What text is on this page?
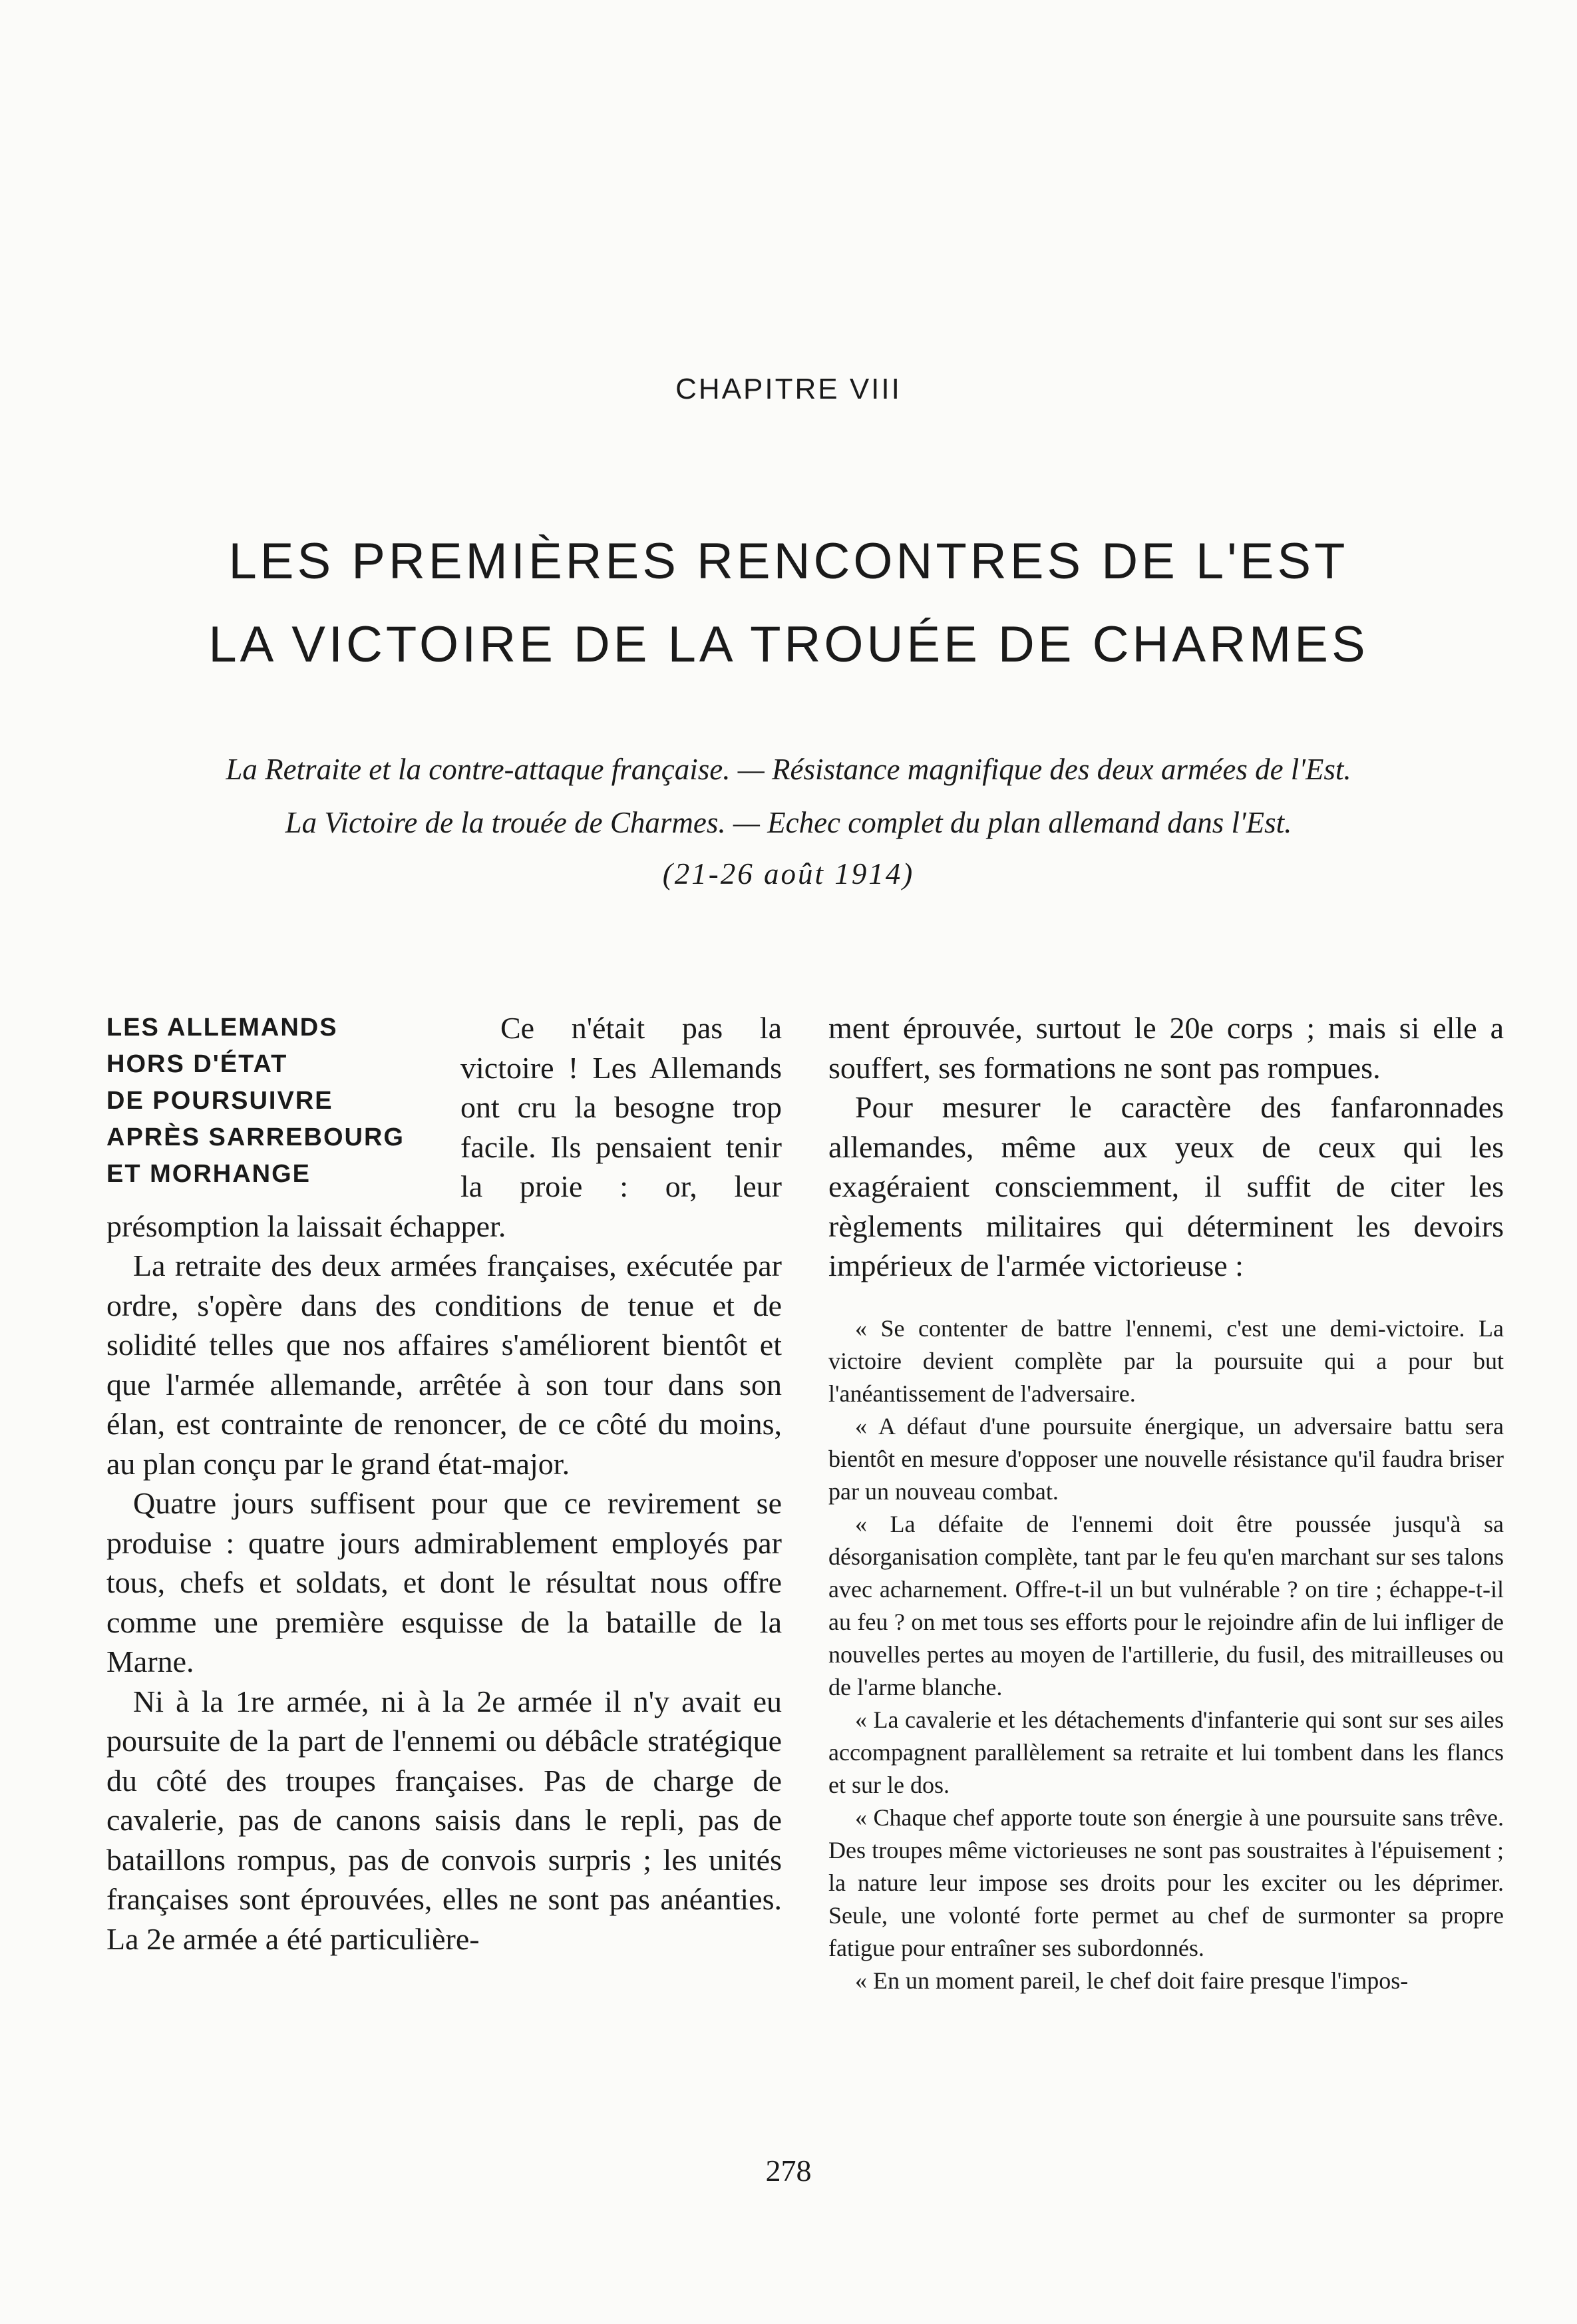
CHAPITRE VIII
LES PREMIÈRES RENCONTRES DE L'EST
LA VICTOIRE DE LA TROUÉE DE CHARMES
La Retraite et la contre-attaque française. — Résistance magnifique des deux armées de l'Est.
La Victoire de la trouée de Charmes. — Echec complet du plan allemand dans l'Est.
(21-26 août 1914)
LES ALLEMANDS
HORS D'ÉTAT
DE POURSUIVRE
APRÈS SARREBOURG
ET MORHANGE

Ce n'était pas la victoire ! Les Allemands ont cru la besogne trop facile. Ils pensaient tenir la proie : or, leur présomption la laissait échapper.

La retraite des deux armées françaises, exécutée par ordre, s'opère dans des conditions de tenue et de solidité telles que nos affaires s'améliorent bientôt et que l'armée allemande, arrêtée à son tour dans son élan, est contrainte de renoncer, de ce côté du moins, au plan conçu par le grand état-major.

Quatre jours suffisent pour que ce revirement se produise : quatre jours admirablement employés par tous, chefs et soldats, et dont le résultat nous offre comme une première esquisse de la bataille de la Marne.

Ni à la 1re armée, ni à la 2e armée il n'y avait eu poursuite de la part de l'ennemi ou débâcle stratégique du côté des troupes françaises. Pas de charge de cavalerie, pas de canons saisis dans le repli, pas de bataillons rompus, pas de convois surpris ; les unités françaises sont éprouvées, elles ne sont pas anéanties. La 2e armée a été particulière-

ment éprouvée, surtout le 20e corps ; mais si elle a souffert, ses formations ne sont pas rompues.

Pour mesurer le caractère des fanfaronnades allemandes, même aux yeux de ceux qui les exagéraient consciemment, il suffit de citer les règlements militaires qui déterminent les devoirs impérieux de l'armée victorieuse :

« Se contenter de battre l'ennemi, c'est une demi-victoire. La victoire devient complète par la poursuite qui a pour but l'anéantissement de l'adversaire.

« A défaut d'une poursuite énergique, un adversaire battu sera bientôt en mesure d'opposer une nouvelle résistance qu'il faudra briser par un nouveau combat.

« La défaite de l'ennemi doit être poussée jusqu'à sa désorganisation complète, tant par le feu qu'en marchant sur ses talons avec acharnement. Offre-t-il un but vulnérable ? on tire ; échappe-t-il au feu ? on met tous ses efforts pour le rejoindre afin de lui infliger de nouvelles pertes au moyen de l'artillerie, du fusil, des mitrailleuses ou de l'arme blanche.

« La cavalerie et les détachements d'infanterie qui sont sur ses ailes accompagnent parallèlement sa retraite et lui tombent dans les flancs et sur le dos.

« Chaque chef apporte toute son énergie à une poursuite sans trêve. Des troupes même victorieuses ne sont pas soustraites à l'épuisement ; la nature leur impose ses droits pour les exciter ou les déprimer. Seule, une volonté forte permet au chef de surmonter sa propre fatigue pour entraîner ses subordonnés.

« En un moment pareil, le chef doit faire presque l'impos-

278
